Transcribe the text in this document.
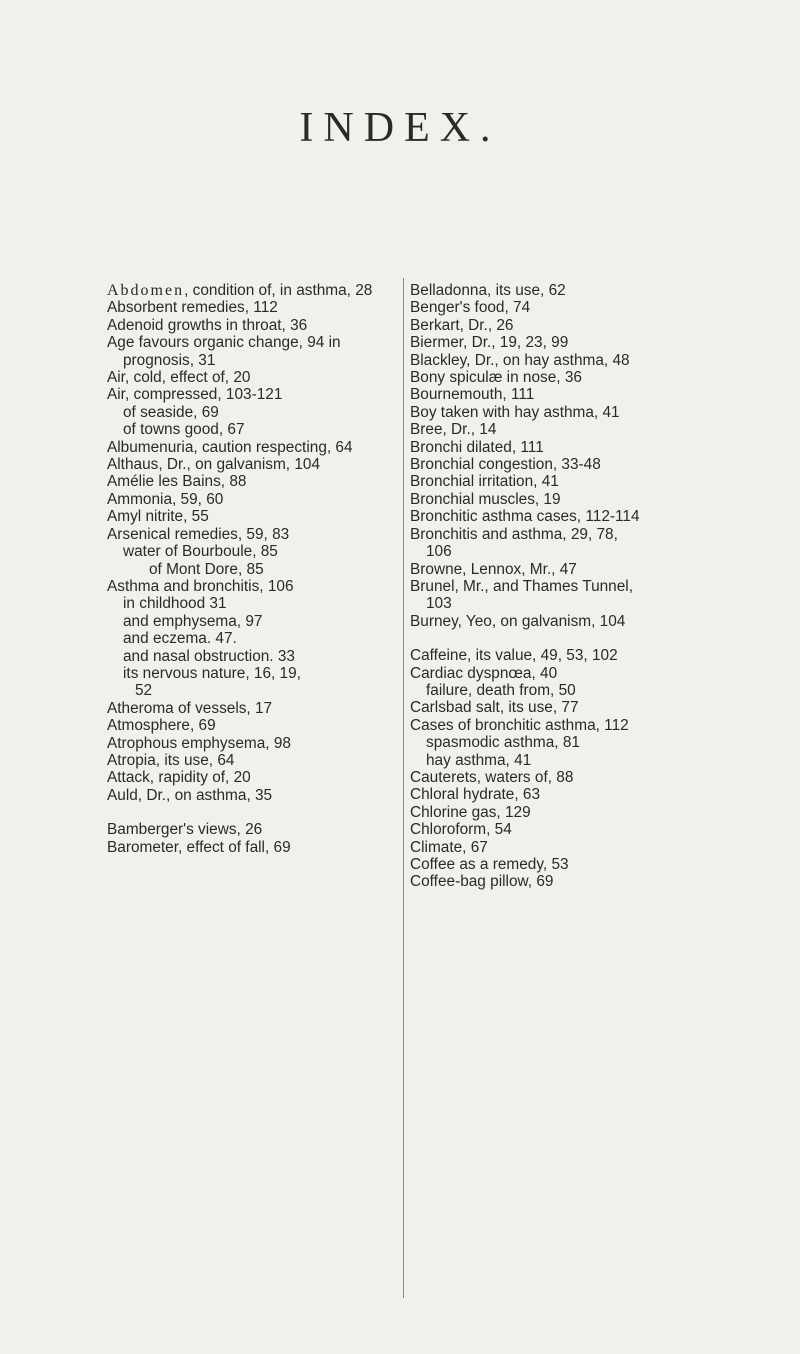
INDEX.
Abdomen, condition of, in asthma, 28
Absorbent remedies, 112
Adenoid growths in throat, 36
Age favours organic change, 94 in prognosis, 31
Air, cold, effect of, 20
Air, compressed, 103-121
of seaside, 69
of towns good, 67
Albumenuria, caution respecting, 64
Althaus, Dr., on galvanism, 104
Amélie les Bains, 88
Ammonia, 59, 60
Amyl nitrite, 55
Arsenical remedies, 59, 83
water of Bourboule, 85
of Mont Dore, 85
Asthma and bronchitis, 106
in childhood 31
and emphysema, 97
and eczema. 47.
and nasal obstruction. 33
its nervous nature, 16, 19,
52
Atheroma of vessels, 17
Atmosphere, 69
Atrophous emphysema, 98
Atropia, its use, 64
Attack, rapidity of, 20
Auld, Dr., on asthma, 35
Bamberger's views, 26
Barometer, effect of fall, 69
Belladonna, its use, 62
Benger's food, 74
Berkart, Dr., 26
Biermer, Dr., 19, 23, 99
Blackley, Dr., on hay asthma, 48
Bony spiculæ in nose, 36
Bournemouth, 111
Boy taken with hay asthma, 41
Bree, Dr., 14
Bronchi dilated, 111
Bronchial congestion, 33-48
Bronchial irritation, 41
Bronchial muscles, 19
Bronchitic asthma cases, 112-114
Bronchitis and asthma, 29, 78,
106
Browne, Lennox, Mr., 47
Brunel, Mr., and Thames Tunnel,
103
Burney, Yeo, on galvanism, 104
Caffeine, its value, 49, 53, 102
Cardiac dyspnœa, 40
failure, death from, 50
Carlsbad salt, its use, 77
Cases of bronchitic asthma, 112
spasmodic asthma, 81
hay asthma, 41
Cauterets, waters of, 88
Chloral hydrate, 63
Chlorine gas, 129
Chloroform, 54
Climate, 67
Coffee as a remedy, 53
Coffee-bag pillow, 69
